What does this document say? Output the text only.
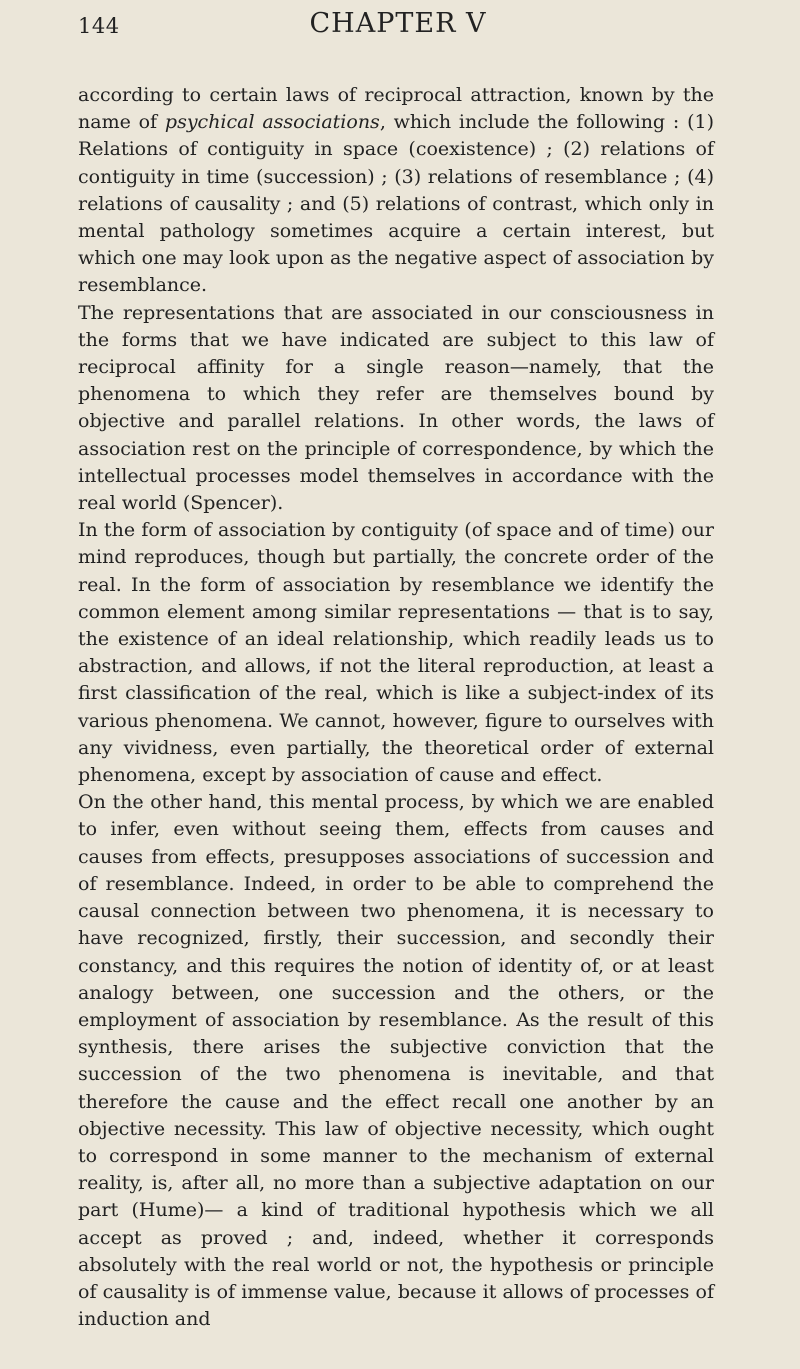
144	CHAPTER V

according to certain laws of reciprocal attraction, known by the name of psychical associations, which include the following : (1) Relations of contiguity in space (coexistence) ; (2) relations of contiguity in time (succession) ; (3) relations of resemblance ; (4) relations of causality ; and (5) relations of contrast, which only in mental pathology sometimes acquire a certain interest, but which one may look upon as the negative aspect of association by resemblance.

The representations that are associated in our consciousness in the forms that we have indicated are subject to this law of reciprocal affinity for a single reason—namely, that the phenomena to which they refer are themselves bound by objective and parallel relations. In other words, the laws of association rest on the principle of correspondence, by which the intellectual processes model themselves in accordance with the real world (Spencer).

In the form of association by contiguity (of space and of time) our mind reproduces, though but partially, the concrete order of the real. In the form of association by resemblance we identify the common element among similar representations — that is to say, the existence of an ideal relationship, which readily leads us to abstraction, and allows, if not the literal reproduction, at least a first classification of the real, which is like a subject-index of its various phenomena. We cannot, however, figure to ourselves with any vividness, even partially, the theoretical order of external phenomena, except by association of cause and effect.

On the other hand, this mental process, by which we are enabled to infer, even without seeing them, effects from causes and causes from effects, presupposes associations of succession and of resemblance. Indeed, in order to be able to comprehend the causal connection between two phenomena, it is necessary to have recognized, firstly, their succession, and secondly their constancy, and this requires the notion of identity of, or at least analogy between, one succession and the others, or the employment of association by resemblance. As the result of this synthesis, there arises the subjective conviction that the succession of the two phenomena is inevitable, and that therefore the cause and the effect recall one another by an objective necessity. This law of objective necessity, which ought to correspond in some manner to the mechanism of external reality, is, after all, no more than a subjective adaptation on our part (Hume)— a kind of traditional hypothesis which we all accept as proved ; and, indeed, whether it corresponds absolutely with the real world or not, the hypothesis or principle of causality is of immense value, because it allows of processes of induction and
